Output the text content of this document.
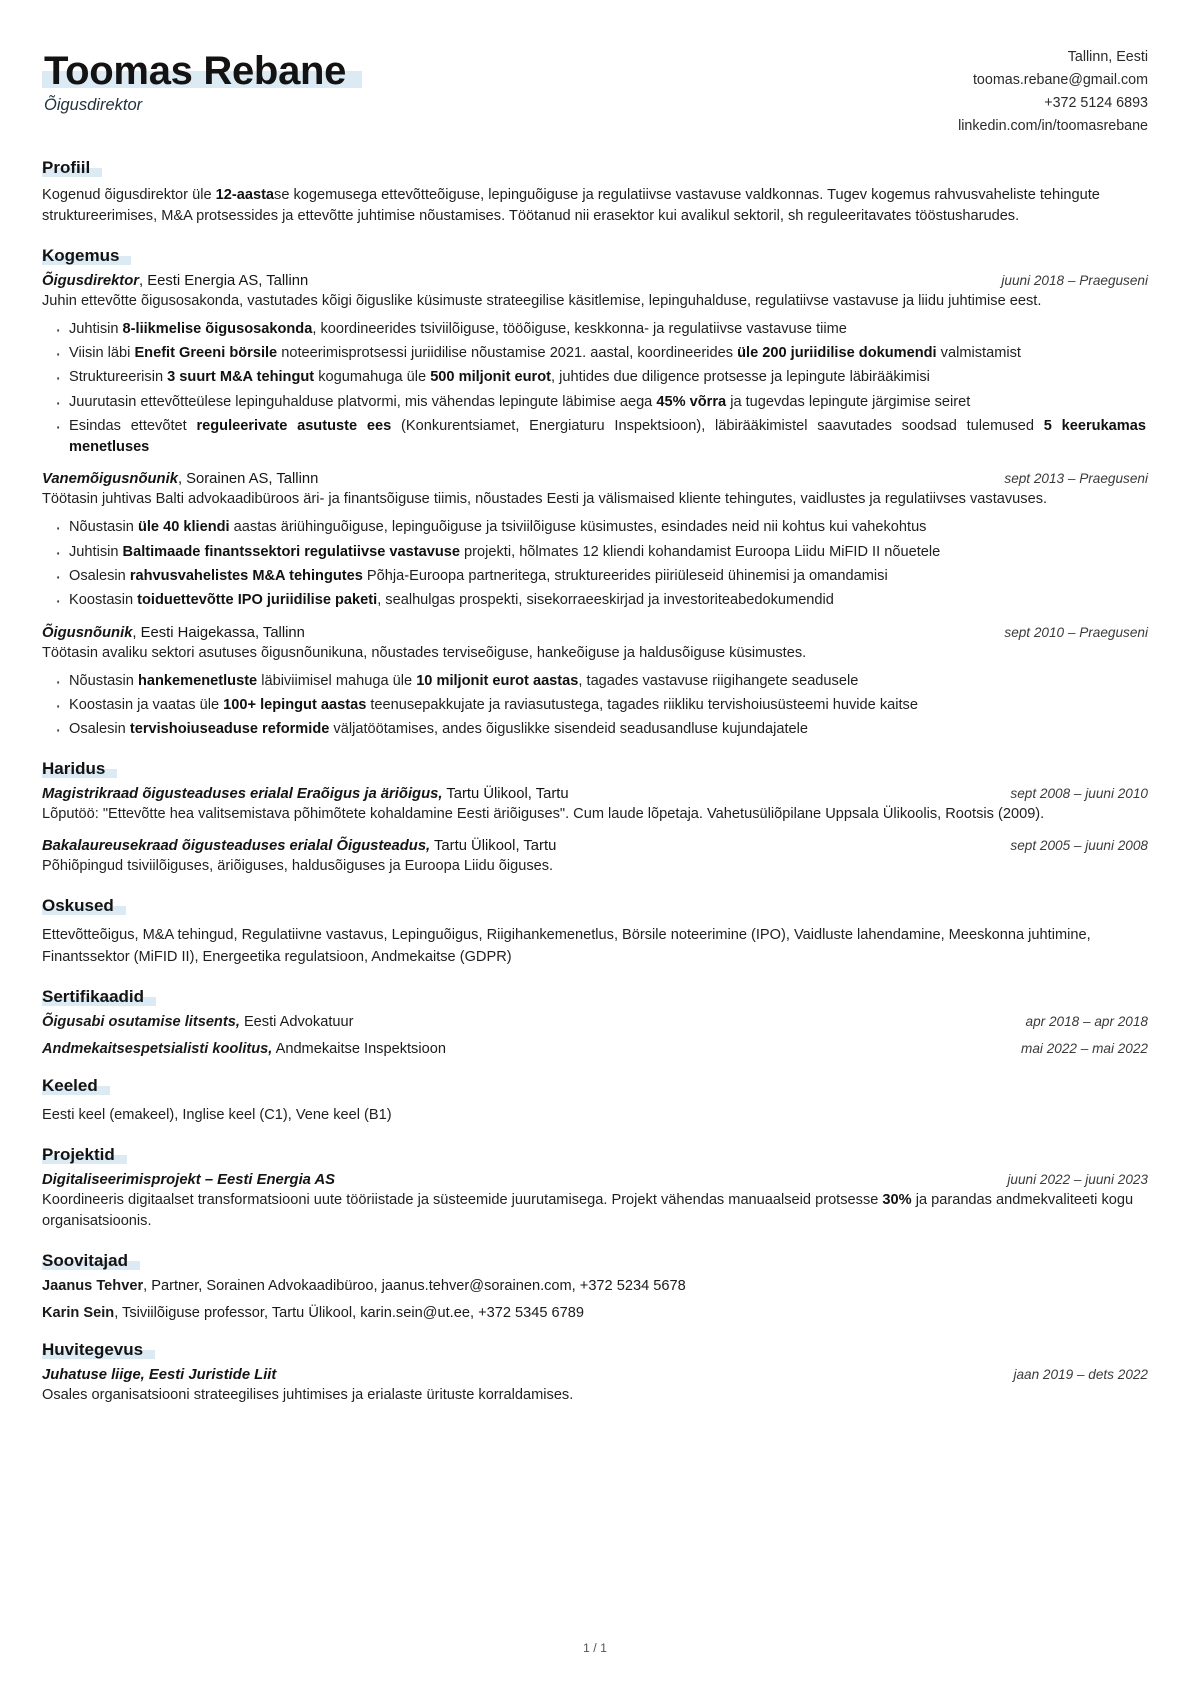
Toomas Rebane
Õigusdirektor
Tallinn, Eesti
toomas.rebane@gmail.com
+372 5124 6893
linkedin.com/in/toomasrebane
Profiil
Kogenud õigusdirektor üle 12-aastase kogemusega ettevõtteõiguse, lepinguõiguse ja regulatiivse vastavuse valdkonnas. Tugev kogemus rahvusvaheliste tehingute struktureerimises, M&A protsessides ja ettevõtte juhtimise nõustamises. Töötanud nii erasektor kui avalikul sektoril, sh reguleeritavates tööstusharudes.
Kogemus
Õigusdirektor, Eesti Energia AS, Tallinn	juuni 2018 – Praeguseni
Juhin ettevõtte õigusosakonda, vastutades kõigi õiguslike küsimuste strateegilise käsitlemise, lepinguhalduse, regulatiivse vastavuse ja liidu juhtimise eest.
· Juhtisin 8-liikmelise õigusosakonda, koordineerides tsiviilõiguse, tööõiguse, keskkonna- ja regulatiivse vastavuse tiime
· Viisin läbi Enefit Greeni börsile noteerimisprotsessi juriidilise nõustamise 2021. aastal, koordineerides üle 200 juriidilise dokumendi valmistamist
· Struktureerisin 3 suurt M&A tehingut kogumahuga üle 500 miljonit eurot, juhtides due diligence protsesse ja lepingute läbirääkimisi
· Juurutasin ettevõtteülese lepinguhalduse platvormi, mis vähendas lepingute läbimise aega 45% võrra ja tugevdas lepingute järgimise seiret
· Esindas ettevõtet reguleerivate asutuste ees (Konkurentsiamet, Energiaturu Inspektsioon), läbirääkimistel saavutades soodsad tulemused 5 keerukamas menetluses
Vanemõigusnõunik, Sorainen AS, Tallinn	sept 2013 – Praeguseni
Töötasin juhtivas Balti advokaadibüroos äri- ja finantsõiguse tiimis, nõustades Eesti ja välismaised kliente tehingutes, vaidlustes ja regulatiivses vastavuses.
· Nõustasin üle 40 kliendi aastas äriühinguõiguse, lepinguõiguse ja tsiviilõiguse küsimustes, esindades neid nii kohtus kui vahekohtus
· Juhtisin Baltimaade finantssektori regulatiivse vastavuse projekti, hõlmates 12 kliendi kohandamist Euroopa Liidu MiFID II nõuetele
· Osalesin rahvusvahelistes M&A tehingutes Põhja-Euroopa partneritega, struktureerides piiriüleseid ühinemisi ja omandamisi
· Koostasin toiduettevõtte IPO juriidilise paketi, sealhulgas prospekti, sisekorraeeskirjad ja investoriteabedokumendid
Õigusnõunik, Eesti Haigekassa, Tallinn	sept 2010 – Praeguseni
Töötasin avaliku sektori asutuses õigusnõunikuna, nõustades terviseõiguse, hankeõiguse ja haldusõiguse küsimustes.
· Nõustasin hankemenetluste läbiviimisel mahuga üle 10 miljonit eurot aastas, tagades vastavuse riigihangete seadusele
· Koostasin ja vaatas üle 100+ lepingut aastas teenusepakkujate ja raviasutustega, tagades riikliku tervishoiusüsteemi huvide kaitse
· Osalesin tervishoiuseaduse reformide väljatöötamises, andes õiguslikke sisendeid seadusandluse kujundajatele
Haridus
Magistrikraad õigusteaduses erialal Eraõigus ja äriõigus, Tartu Ülikool, Tartu	sept 2008 – juuni 2010
Lõputöö: "Ettevõtte hea valitsemistava põhimõtete kohaldamine Eesti äriõiguses". Cum laude lõpetaja. Vahetusüliõpilane Uppsala Ülikoolis, Rootsis (2009).
Bakalaureusekraad õigusteaduses erialal Õigusteadus, Tartu Ülikool, Tartu	sept 2005 – juuni 2008
Põhiõpingud tsiviilõiguses, äriõiguses, haldusõiguses ja Euroopa Liidu õiguses.
Oskused
Ettevõtteõigus, M&A tehingud, Regulatiivne vastavus, Lepinguõigus, Riigihankemenetlus, Börsile noteerimine (IPO), Vaidluste lahendamine, Meeskonna juhtimine, Finantssektor (MiFID II), Energeetika regulatsioon, Andmekaitse (GDPR)
Sertifikaadid
Õigusabi osutamise litsents, Eesti Advokatuur	apr 2018 – apr 2018
Andmekaitsespetsialisti koolitus, Andmekaitse Inspektsioon	mai 2022 – mai 2022
Keeled
Eesti keel (emakeel), Inglise keel (C1), Vene keel (B1)
Projektid
Digitaliseerimisprojekt – Eesti Energia AS	juuni 2022 – juuni 2023
Koordineeris digitaalset transformatsiooni uute tööriistade ja süsteemide juurutamisega. Projekt vähendas manuaalseid protsesse 30% ja parandas andmekvaliteeti kogu organisatsioonis.
Soovitajad
Jaanus Tehver, Partner, Sorainen Advokaadibüroo, jaanus.tehver@sorainen.com, +372 5234 5678
Karin Sein, Tsiviilõiguse professor, Tartu Ülikool, karin.sein@ut.ee, +372 5345 6789
Huvitegevus
Juhatuse liige, Eesti Juristide Liit	jaan 2019 – dets 2022
Osales organisatsiooni strateegilises juhtimises ja erialaste ürituste korraldamises.
1 / 1
